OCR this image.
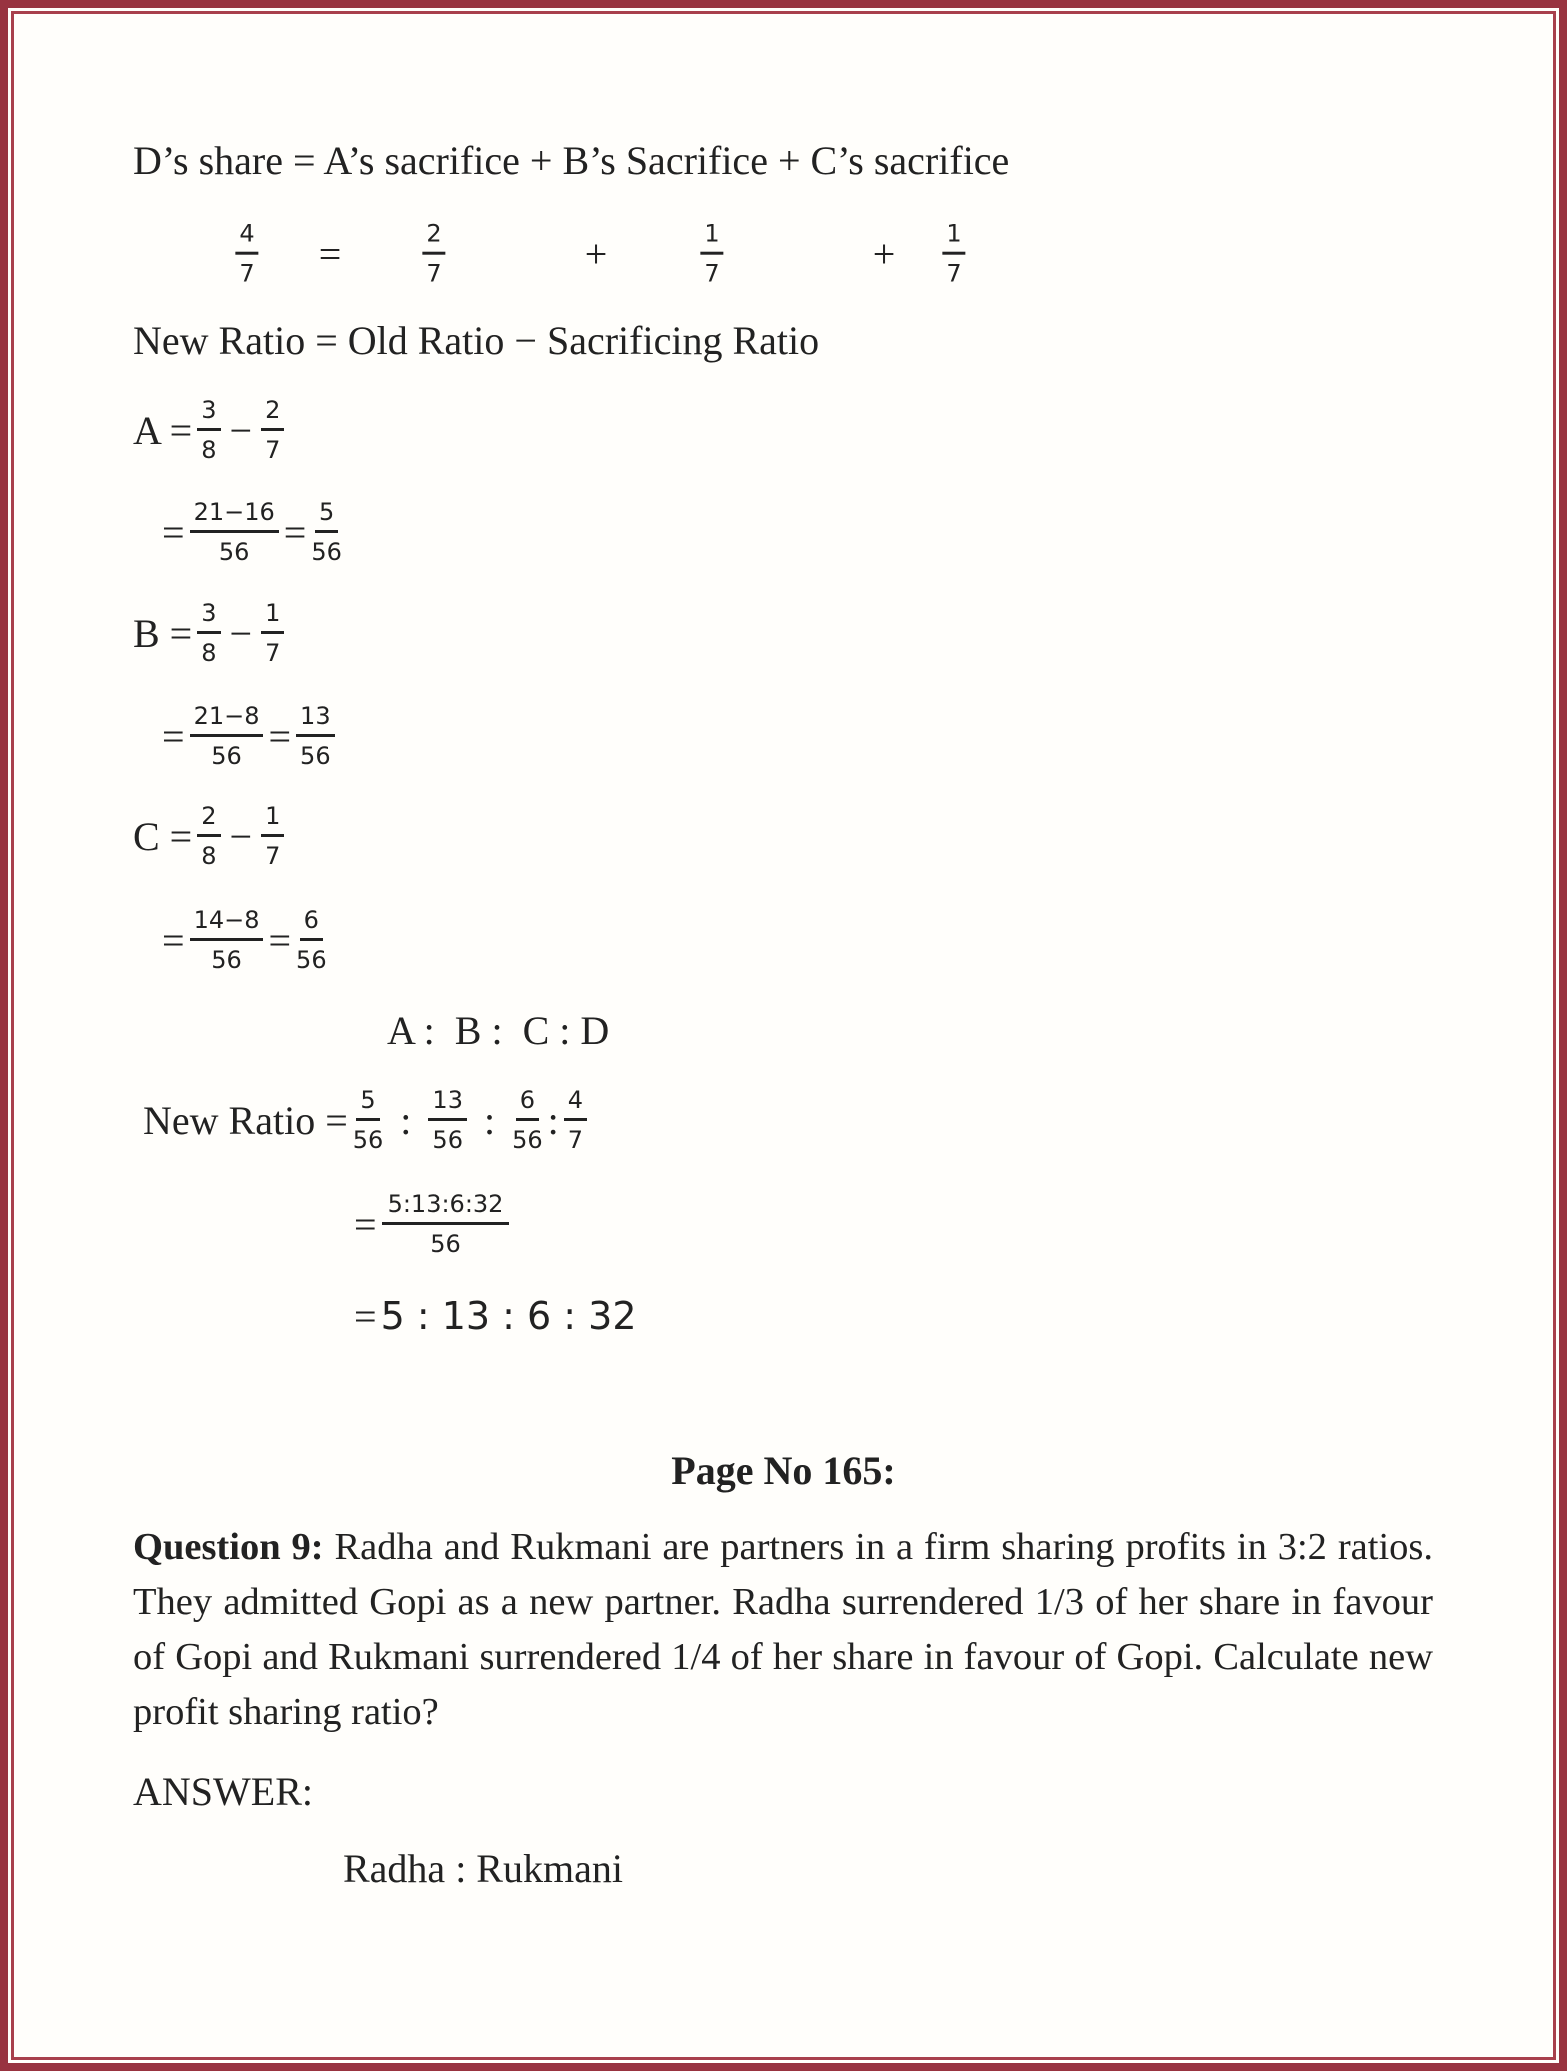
D’s share = A’s sacrifice + B’s Sacrifice + C’s sacrifice
$\frac{4}{7}$ =	$\frac{2}{7}$	+	$\frac{1}{7}$	+ $\frac{1}{7}$
New Ratio = Old Ratio − Sacrificing Ratio
$A = \frac{3}{8} - \frac{2}{7}$
= $\frac{21-16}{56} = \frac{5}{56}$
$B = \frac{3}{8} - \frac{1}{7}$
= $\frac{21-8}{56} = \frac{13}{56}$
$C = \frac{2}{8} - \frac{1}{7}$
= $\frac{14-8}{56} = \frac{6}{56}$
A :  B :  C : D
New Ratio = $\frac{5}{56}$ : $\frac{13}{56}$ : $\frac{6}{56}$ : $\frac{4}{7}$
= $\frac{5:13:6:32}{56}$
= 5 : 13 : 6 : 32
Page No 165:
Question 9: Radha and Rukmani are partners in a firm sharing profits in 3:2 ratios. They admitted Gopi as a new partner. Radha surrendered 1/3 of her share in favour of Gopi and Rukmani surrendered 1/4 of her share in favour of Gopi. Calculate new profit sharing ratio?
ANSWER:
Radha : Rukmani
